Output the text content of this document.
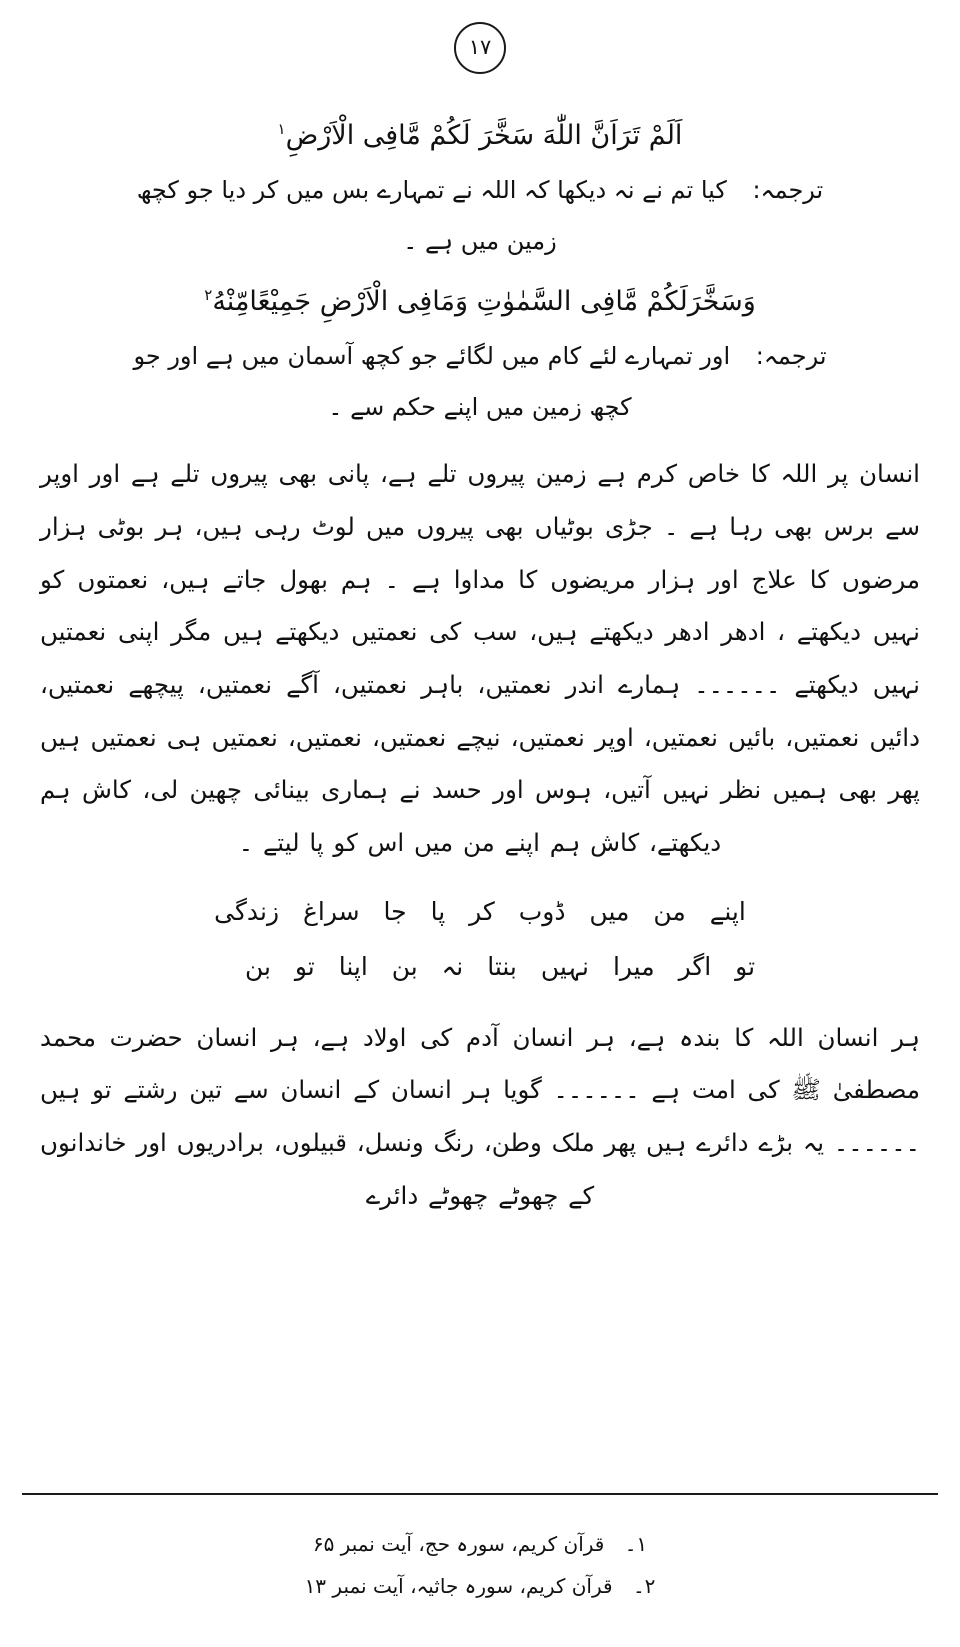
۱۷
اَلَمْ تَرَاَنَّ اللّٰهَ سَخَّرَ لَكُمْ مَّافِی الْاَرْضِ$^۱$
ترجمہ: کیا تم نے نہ دیکھا کہ اللہ نے تمہارے بس میں کر دیا جو کچھ
زمین میں ہے ۔
وَسَخَّرَلَكُمْ مَّافِی السَّمٰوٰتِ وَمَافِی الْاَرْضِ جَمِیْعًامِّنْهُ$^۲$
ترجمہ: اور تمہارے لئے کام میں لگائے جو کچھ آسمان میں ہے اور جو
کچھ زمین میں اپنے حکم سے ۔
انسان پر اللہ کا خاص کرم ہے زمین پیروں تلے ہے، پانی بھی پیروں تلے ہے اور اوپر سے برس بھی رہا ہے ۔ جڑی بوٹیاں بھی پیروں میں لوٹ رہی ہیں، ہر بوٹی ہزار مرضوں کا علاج اور ہزار مریضوں کا مداوا ہے ۔ ہم بھول جاتے ہیں، نعمتوں کو نہیں دیکھتے ، ادھر ادھر دیکھتے ہیں، سب کی نعمتیں دیکھتے ہیں مگر اپنی نعمتیں نہیں دیکھتے ۔۔۔۔۔۔ ہمارے اندر نعمتیں، باہر نعمتیں، آگے نعمتیں، پیچھے نعمتیں، دائیں نعمتیں، بائیں نعمتیں، اوپر نعمتیں، نیچے نعمتیں، نعمتیں، نعمتیں ہی نعمتیں ہیں پھر بھی ہمیں نظر نہیں آتیں، ہوس اور حسد نے ہماری بینائی چھین لی، کاش ہم دیکھتے، کاش ہم اپنے من میں اس کو پا لیتے ۔
اپنے من میں ڈوب کر پا جا سراغ زندگی
تو اگر میرا نہیں بنتا نہ بن اپنا تو بن
ہر انسان اللہ کا بندہ ہے، ہر انسان آدم کی اولاد ہے، ہر انسان حضرت محمد مصطفیٰ ﷺ کی امت ہے ۔۔۔۔۔۔ گویا ہر انسان کے انسان سے تین رشتے تو ہیں ۔۔۔۔۔۔ یہ بڑے دائرے ہیں پھر ملک وطن، رنگ ونسل، قبیلوں، برادریوں اور خاندانوں کے چھوٹے چھوٹے دائرے
۱۔ قرآن کریم، سورہ حج، آیت نمبر ۶۵
۲۔ قرآن کریم، سورہ جاثیہ، آیت نمبر ۱۳
